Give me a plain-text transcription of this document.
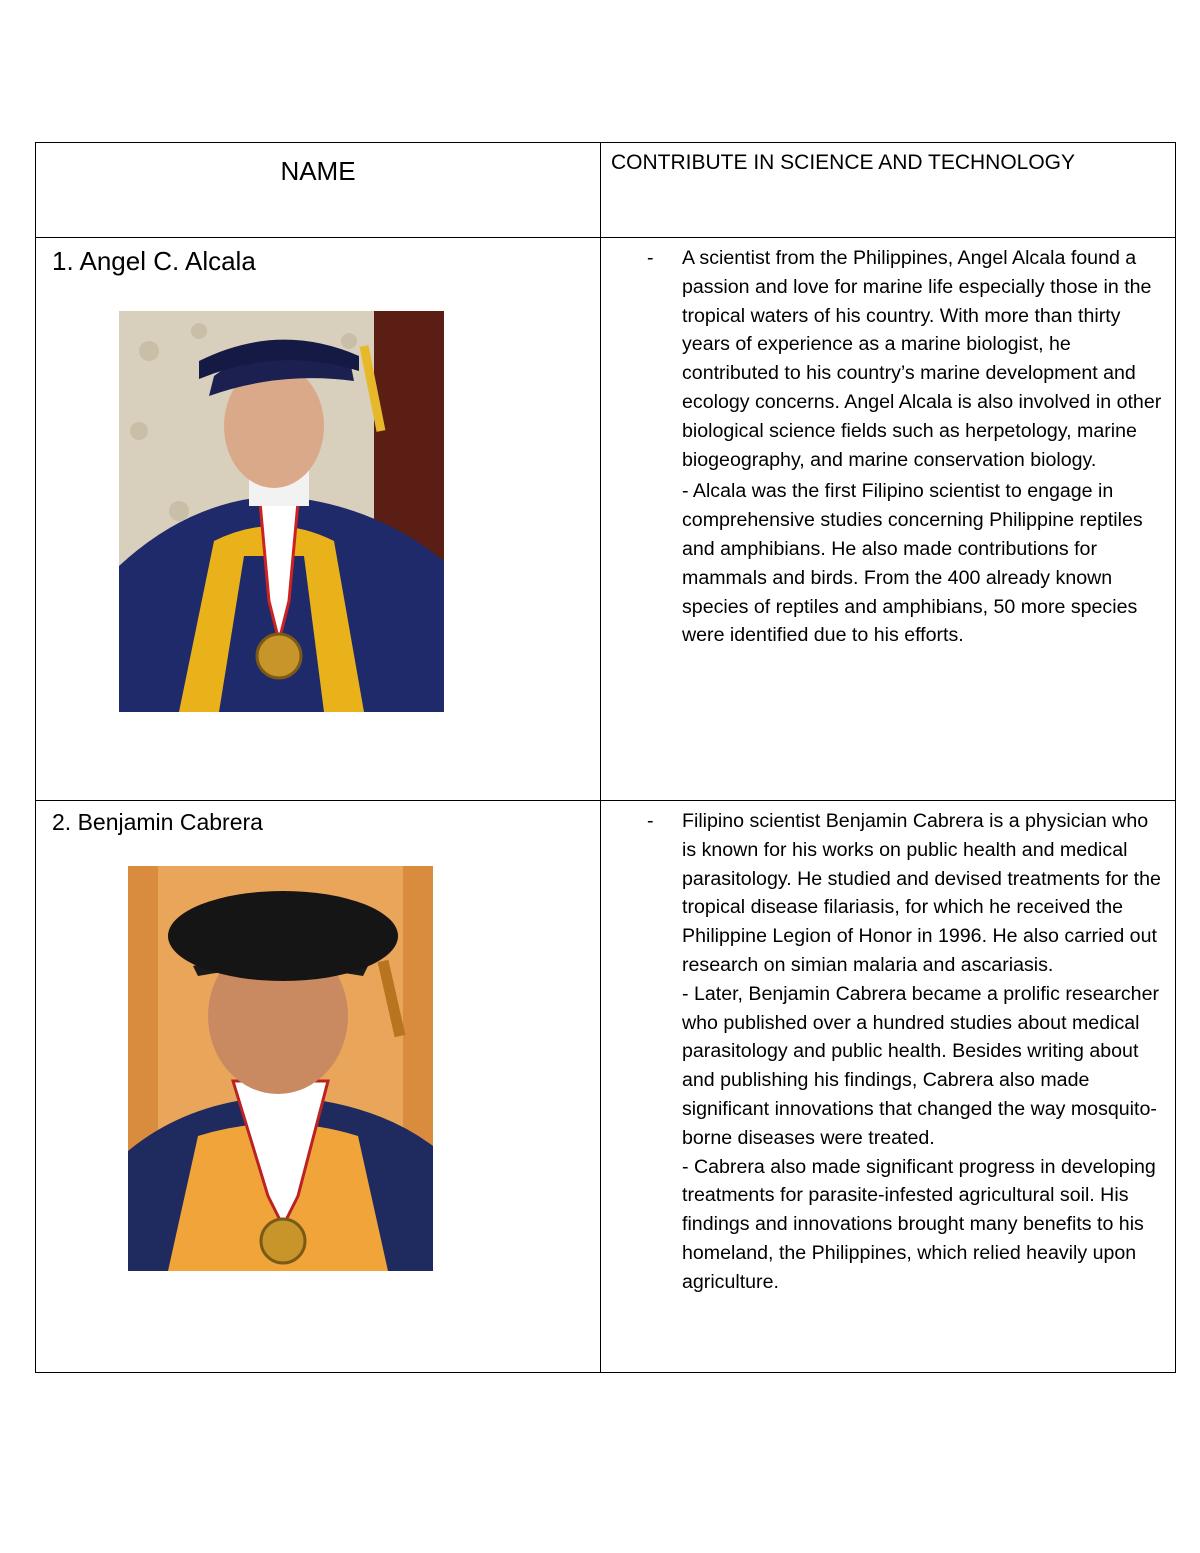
NAME	CONTRIBUTE IN SCIENCE AND TECHNOLOGY

1. Angel C. Alcala	- A scientist from the Philippines, Angel Alcala found a passion and love for marine life especially those in the tropical waters of his country. With more than thirty years of experience as a marine biologist, he contributed to his country’s marine development and ecology concerns. Angel Alcala is also involved in other biological science fields such as herpetology, marine biogeography, and marine conservation biology.

- Alcala was the first Filipino scientist to engage in comprehensive studies concerning Philippine reptiles and amphibians. He also made contributions for mammals and birds. From the 400 already known species of reptiles and amphibians, 50 more species were identified due to his efforts.

2. Benjamin Cabrera	- Filipino scientist Benjamin Cabrera is a physician who is known for his works on public health and medical parasitology. He studied and devised treatments for the tropical disease filariasis, for which he received the Philippine Legion of Honor in 1996. He also carried out research on simian malaria and ascariasis.

- Later, Benjamin Cabrera became a prolific researcher who published over a hundred studies about medical parasitology and public health. Besides writing about and publishing his findings, Cabrera also made significant innovations that changed the way mosquito-borne diseases were treated.

- Cabrera also made significant progress in developing treatments for parasite-infested agricultural soil. His findings and innovations brought many benefits to his homeland, the Philippines, which relied heavily upon agriculture.
